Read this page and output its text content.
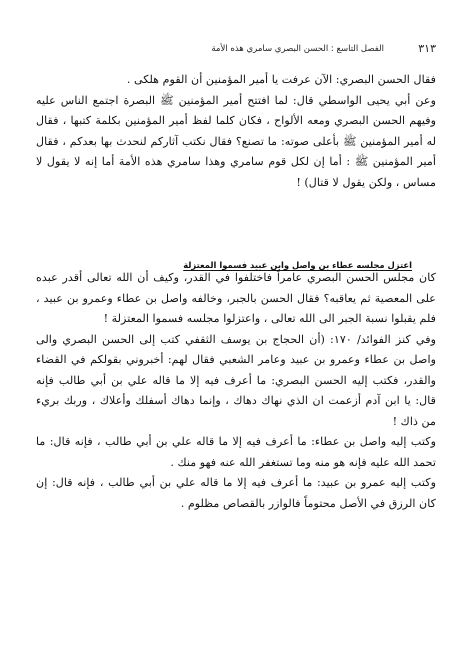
٣١٣
الفصل التاسع : الحسن البصري سامري هذه الأمة

فقال الحسن البصري: الآن عرفت يا أمير المؤمنين أن القوم هلكى .

وعن أبي يحيى الواسطي قال: لما افتتح أمير المؤمنين ﷺ البصرة اجتمع الناس عليه وفيهم الحسن البصري ومعه الألواح ، فكان كلما لفظ أمير المؤمنين بكلمة كتبها ، فقال له أمير المؤمنين ﷺ بأعلى صوته: ما تصنع؟ فقال نكتب آثاركم لنحدث بها بعدكم ، فقال أمير المؤمنين ﷺ : أما إن لكل قوم سامري وهذا سامري هذه الأمة أما إنه لا يقول لا مساس ، ولكن يقول لا قتال) !

اعتزل مجلسه عطاء بن واصل وابن عبيد فسموا المعتزلة

كان مجلس الحسن البصري عامراً فاختلفوا في القدر، وكيف أن الله تعالى أقدر عبده على المعصية ثم يعاقبه؟ فقال الحسن بالجبر، وخالفه واصل بن عطاء وعمرو بن عبيد ، فلم يقبلوا نسبة الجبر الى الله تعالى ، واعتزلوا مجلسه فسموا المعتزلة !

وفي كنز الفوائد/ ١٧٠: (أن الحجاج بن يوسف الثقفي كتب إلى الحسن البصري والى واصل بن عطاء وعمرو بن عبيد وعامر الشعبي فقال لهم: أخبروني بقولكم في القضاء والقدر، فكتب إليه الحسن البصري: ما أعرف فيه إلا ما قاله علي بن أبي طالب فإنه قال: يا ابن آدم أزعمت ان الذي نهاك دهاك ، وإنما دهاك أسفلك وأعلاك ، وربك بريء من ذاك !

وكتب إليه واصل بن عطاء: ما أعرف فيه إلا ما قاله علي بن أبي طالب ، فإنه قال: ما تحمد الله عليه فإنه هو منه وما تستغفر الله عنه فهو منك .

وكتب إليه عمرو بن عبيد: ما أعرف فيه إلا ما قاله علي بن أبي طالب ، فإنه قال: إن كان الرزق في الأصل محتوماً فالوازر بالقصاص مظلوم .
